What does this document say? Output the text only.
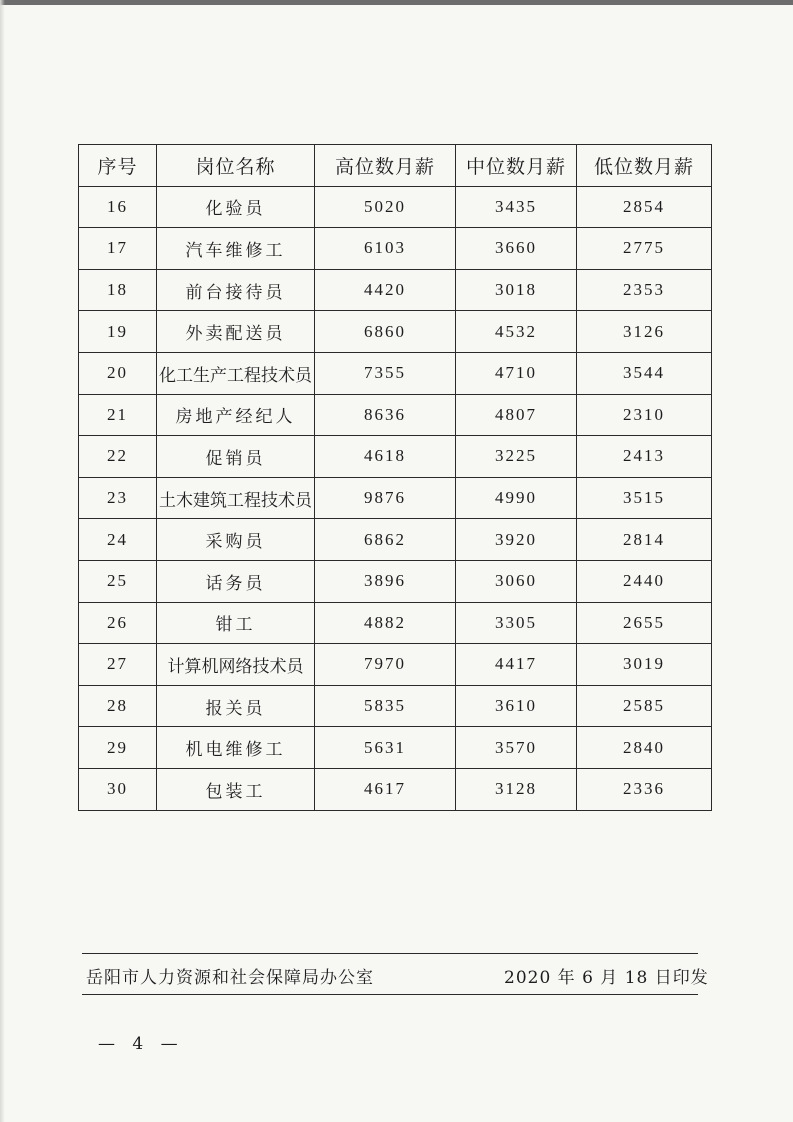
序号	岗位名称	高位数月薪	中位数月薪	低位数月薪
16	化验员	5020	3435	2854
17	汽车维修工	6103	3660	2775
18	前台接待员	4420	3018	2353
19	外卖配送员	6860	4532	3126
20	化工生产工程技术员	7355	4710	3544
21	房地产经纪人	8636	4807	2310
22	促销员	4618	3225	2413
23	土木建筑工程技术员	9876	4990	3515
24	采购员	6862	3920	2814
25	话务员	3896	3060	2440
26	钳工	4882	3305	2655
27	计算机网络技术员	7970	4417	3019
28	报关员	5835	3610	2585
29	机电维修工	5631	3570	2840
30	包装工	4617	3128	2336
岳阳市人力资源和社会保障局办公室	2020 年 6 月 18 日印发
— 4 —
